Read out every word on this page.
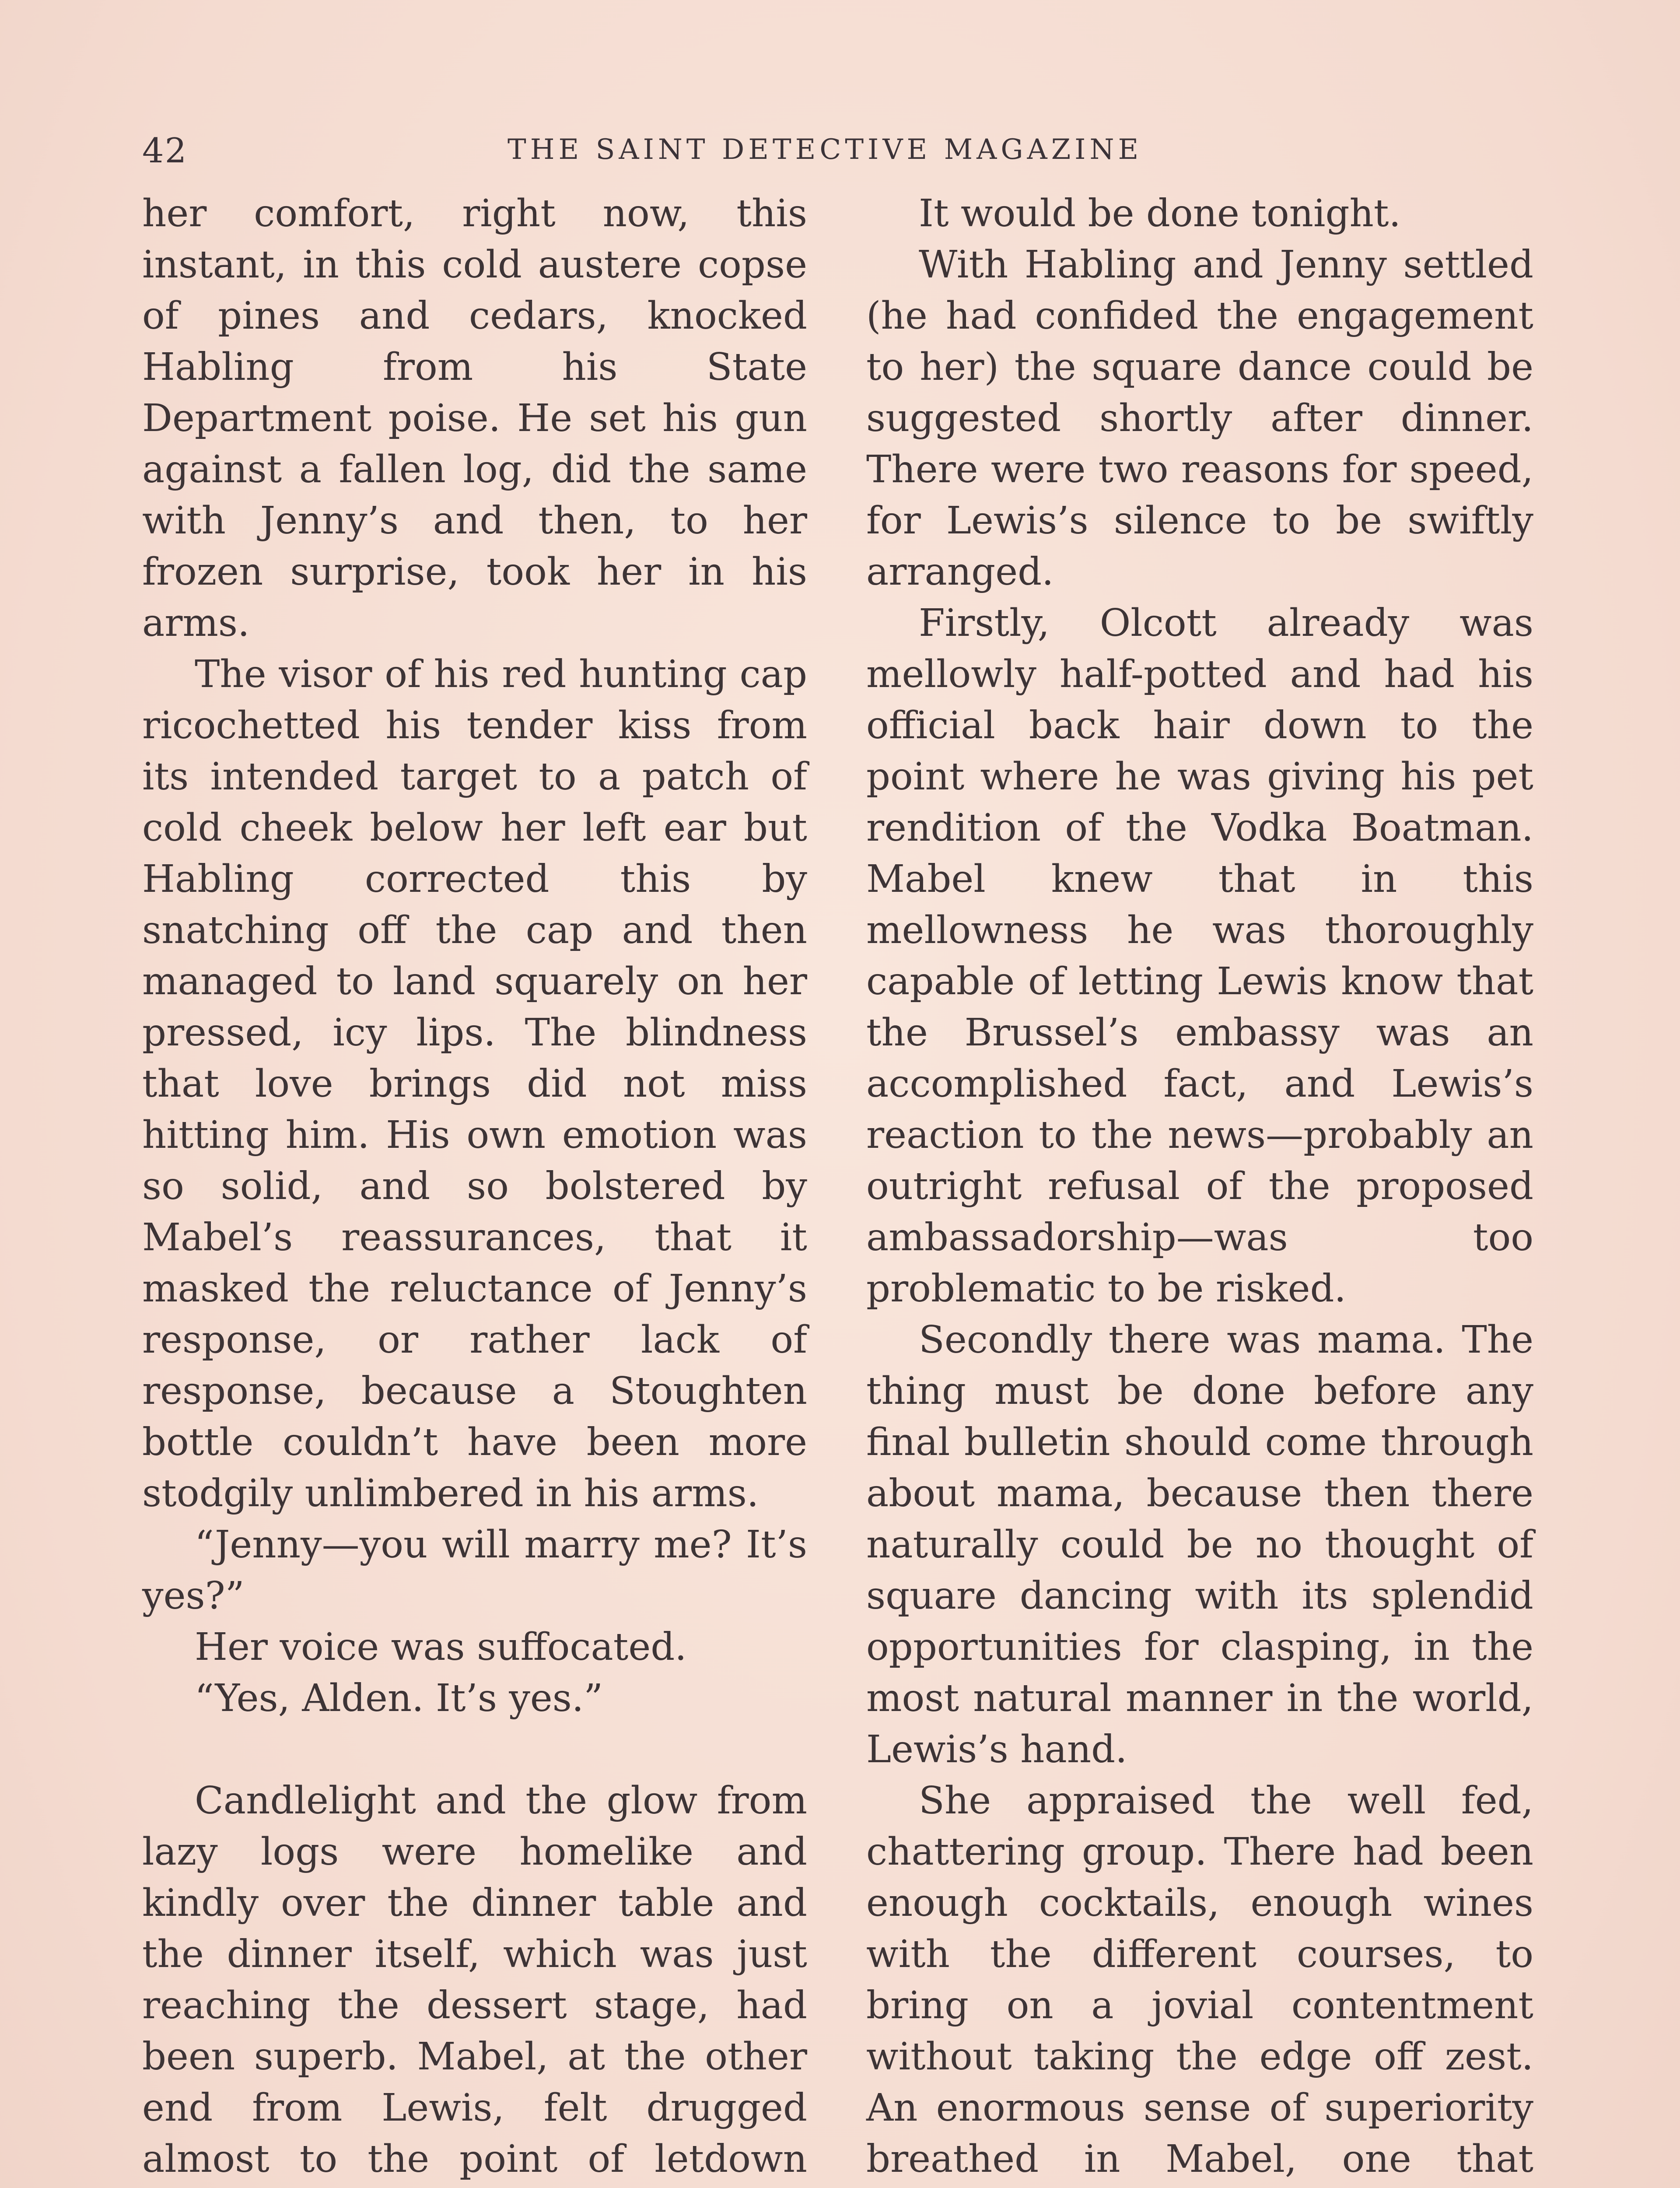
42	THE SAINT DETECTIVE MAGAZINE

her comfort, right now, this instant, in this cold austere copse of pines and cedars, knocked Habling from his State Department poise. He set his gun against a fallen log, did the same with Jenny’s and then, to her frozen surprise, took her in his arms.

The visor of his red hunting cap ricochetted his tender kiss from its intended target to a patch of cold cheek below her left ear but Habling corrected this by snatching off the cap and then managed to land squarely on her pressed, icy lips. The blindness that love brings did not miss hitting him. His own emotion was so solid, and so bolstered by Mabel’s reassurances, that it masked the reluctance of Jenny’s response, or rather lack of response, because a Stoughten bottle couldn’t have been more stodgily unlimbered in his arms.

“Jenny—you will marry me? It’s yes?”

Her voice was suffocated.

“Yes, Alden. It’s yes.”

Candlelight and the glow from lazy logs were homelike and kindly over the dinner table and the dinner itself, which was just reaching the dessert stage, had been superb. Mabel, at the other end from Lewis, felt drugged almost to the point of letdown

It would be done tonight.

With Habling and Jenny settled (he had confided the engagement to her) the square dance could be suggested shortly after dinner. There were two reasons for speed, for Lewis’s silence to be swiftly arranged.

Firstly, Olcott already was mellowly half-potted and had his official back hair down to the point where he was giving his pet rendition of the Vodka Boatman. Mabel knew that in this mellowness he was thoroughly capable of letting Lewis know that the Brussel’s embassy was an accomplished fact, and Lewis’s reaction to the news—probably an outright refusal of the proposed ambassadorship—was too problematic to be risked.

Secondly there was mama. The thing must be done before any final bulletin should come through about mama, because then there naturally could be no thought of square dancing with its splendid opportunities for clasping, in the most natural manner in the world, Lewis’s hand.

She appraised the well fed, chattering group. There had been enough cocktails, enough wines with the different courses, to bring on a jovial contentment without taking the edge off zest. An enormous sense of superiority breathed in Mabel, one that
